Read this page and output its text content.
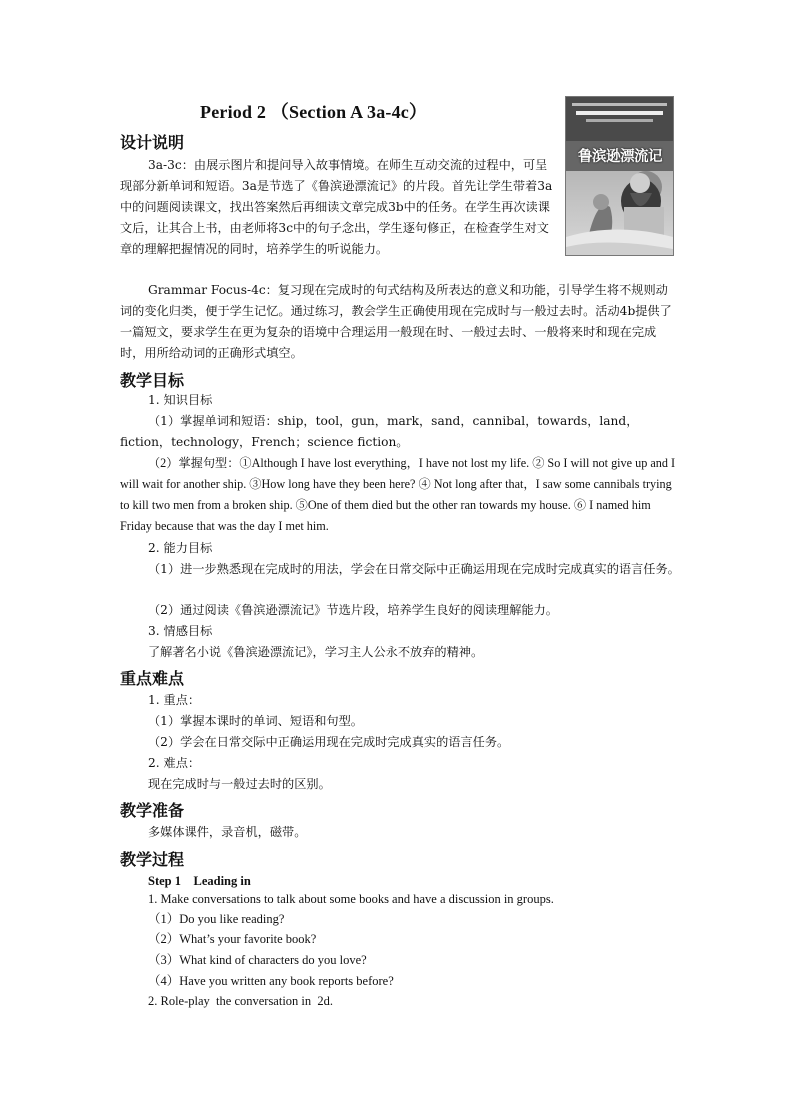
Period 2 （Section A 3a-4c）
鲁滨逊漂流记
设计说明
3a-3c：由展示图片和提问导入故事情境。在师生互动交流的过程中，可呈现部分新单词和短语。3a是节选了《鲁滨逊漂流记》的片段。首先让学生带着3a中的问题阅读课文，找出答案然后再细读文章完成3b中的任务。在学生再次读课文后，让其合上书，由老师将3c中的句子念出，学生逐句修正，在检查学生对文章的理解把握情况的同时，培养学生的听说能力。
Grammar Focus-4c：复习现在完成时的句式结构及所表达的意义和功能，引导学生将不规则动词的变化归类，便于学生记忆。通过练习，教会学生正确使用现在完成时与一般过去时。活动4b提供了一篇短文，要求学生在更为复杂的语境中合理运用一般现在时、一般过去时、一般将来时和现在完成时，用所给动词的正确形式填空。
教学目标
1. 知识目标
（1）掌握单词和短语：ship，tool，gun，mark，sand，cannibal，towards，land，fiction，technology，French；science fiction。
（2）掌握句型：①Although I have lost everything，I have not lost my life. ② So I will not give up and I will wait for another ship. ③How long have they been here? ④ Not long after that，I saw some cannibals trying to kill two men from a broken ship. ⑤One of them died but the other ran towards my house. ⑥ I named him Friday because that was the day I met him.
2. 能力目标
（1）进一步熟悉现在完成时的用法，学会在日常交际中正确运用现在完成时完成真实的语言任务。
（2）通过阅读《鲁滨逊漂流记》节选片段，培养学生良好的阅读理解能力。
3. 情感目标
了解著名小说《鲁滨逊漂流记》，学习主人公永不放弃的精神。
重点难点
1. 重点：
（1）掌握本课时的单词、短语和句型。
（2）学会在日常交际中正确运用现在完成时完成真实的语言任务。
2. 难点：
现在完成时与一般过去时的区别。
教学准备
多媒体课件，录音机，磁带。
教学过程
Step 1    Leading in
1. Make conversations to talk about some books and have a discussion in groups.
（1）Do you like reading?
（2）What’s your favorite book?
（3）What kind of characters do you love?
（4）Have you written any book reports before?
2. Role-play  the conversation in  2d.
